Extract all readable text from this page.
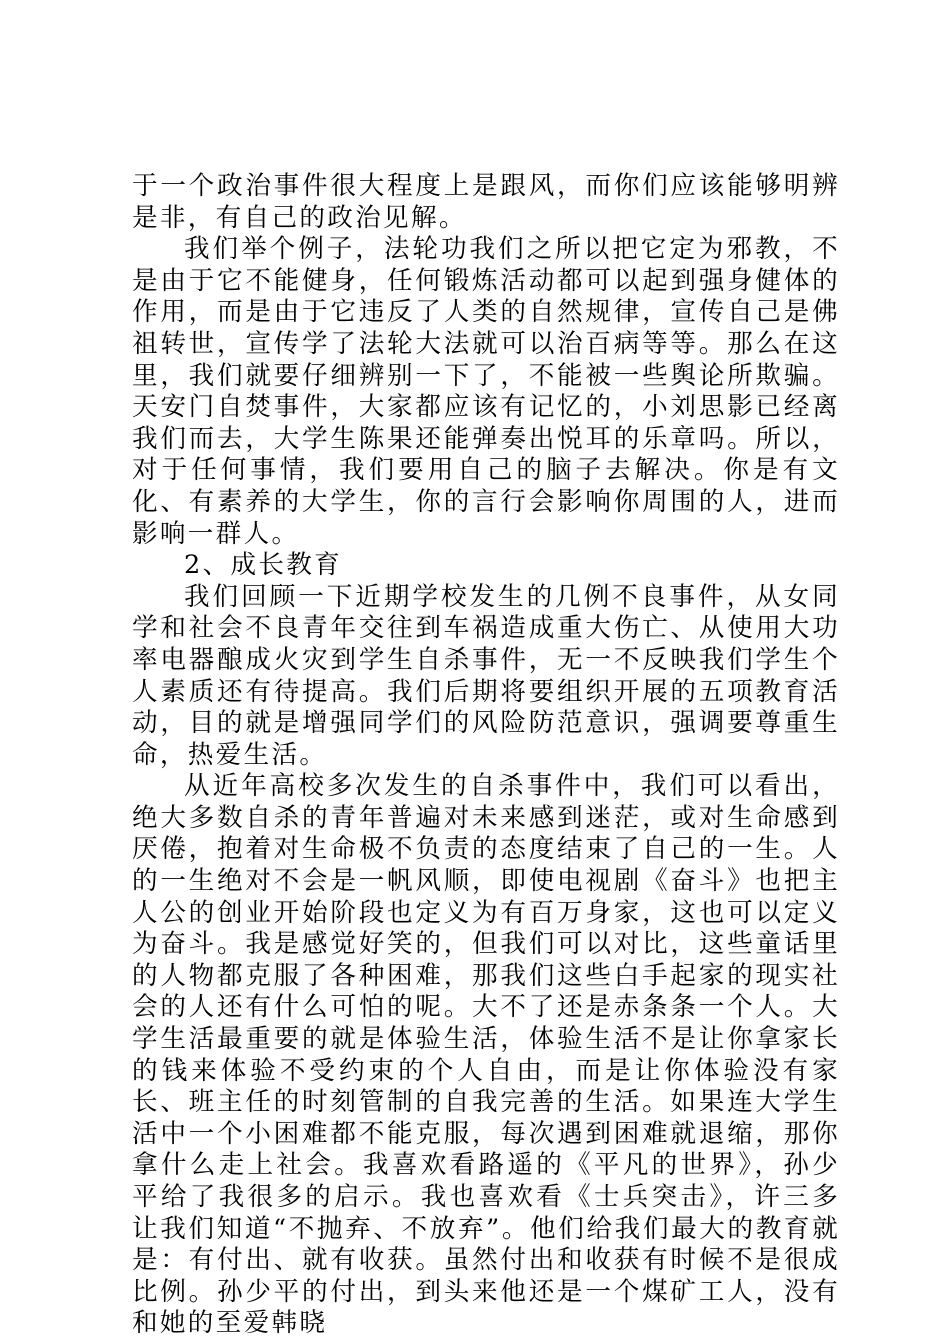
于一个政治事件很大程度上是跟风，而你们应该能够明辨是非，有自己的政治见解。

我们举个例子，法轮功我们之所以把它定为邪教，不是由于它不能健身，任何锻炼活动都可以起到强身健体的作用，而是由于它违反了人类的自然规律，宣传自己是佛祖转世，宣传学了法轮大法就可以治百病等等。那么在这里，我们就要仔细辨别一下了，不能被一些舆论所欺骗。天安门自焚事件，大家都应该有记忆的，小刘思影已经离我们而去，大学生陈果还能弹奏出悦耳的乐章吗。所以，对于任何事情，我们要用自己的脑子去解决。你是有文化、有素养的大学生，你的言行会影响你周围的人，进而影响一群人。

2、成长教育

我们回顾一下近期学校发生的几例不良事件，从女同学和社会不良青年交往到车祸造成重大伤亡、从使用大功率电器酿成火灾到学生自杀事件，无一不反映我们学生个人素质还有待提高。我们后期将要组织开展的五项教育活动，目的就是增强同学们的风险防范意识，强调要尊重生命，热爱生活。

从近年高校多次发生的自杀事件中，我们可以看出，绝大多数自杀的青年普遍对未来感到迷茫，或对生命感到厌倦，抱着对生命极不负责的态度结束了自己的一生。人的一生绝对不会是一帆风顺，即使电视剧《奋斗》也把主人公的创业开始阶段也定义为有百万身家，这也可以定义为奋斗。我是感觉好笑的，但我们可以对比，这些童话里的人物都克服了各种困难，那我们这些白手起家的现实社会的人还有什么可怕的呢。大不了还是赤条条一个人。大学生活最重要的就是体验生活，体验生活不是让你拿家长的钱来体验不受约束的个人自由，而是让你体验没有家长、班主任的时刻管制的自我完善的生活。如果连大学生活中一个小困难都不能克服，每次遇到困难就退缩，那你拿什么走上社会。我喜欢看路遥的《平凡的世界》，孙少平给了我很多的启示。我也喜欢看《士兵突击》，许三多让我们知道“不抛弃、不放弃”。他们给我们最大的教育就是：有付出、就有收获。虽然付出和收获有时候不是很成比例。孙少平的付出，到头来他还是一个煤矿工人，没有和她的至爱韩晓
